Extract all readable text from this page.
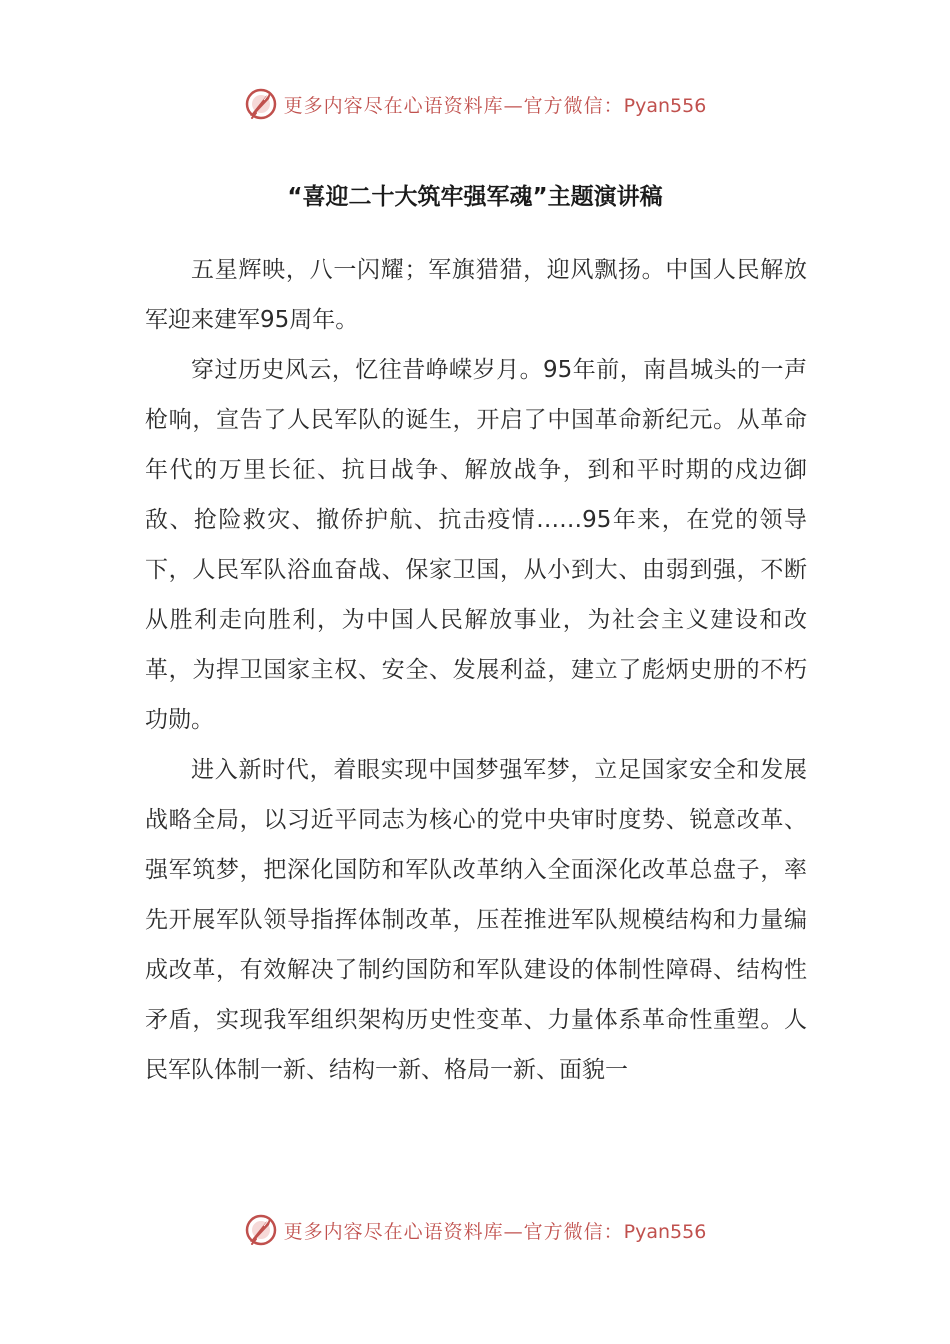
更多内容尽在心语资料库—官方微信：Pyan556
“喜迎二十大筑牢强军魂”主题演讲稿

五星辉映，八一闪耀；军旗猎猎，迎风飘扬。中国人民解放军迎来建军95周年。

穿过历史风云，忆往昔峥嵘岁月。95年前，南昌城头的一声枪响，宣告了人民军队的诞生，开启了中国革命新纪元。从革命年代的万里长征、抗日战争、解放战争，到和平时期的戍边御敌、抢险救灾、撤侨护航、抗击疫情……95年来，在党的领导下，人民军队浴血奋战、保家卫国，从小到大、由弱到强，不断从胜利走向胜利，为中国人民解放事业，为社会主义建设和改革，为捍卫国家主权、安全、发展利益，建立了彪炳史册的不朽功勋。

进入新时代，着眼实现中国梦强军梦，立足国家安全和发展战略全局，以习近平同志为核心的党中央审时度势、锐意改革、强军筑梦，把深化国防和军队改革纳入全面深化改革总盘子，率先开展军队领导指挥体制改革，压茬推进军队规模结构和力量编成改革，有效解决了制约国防和军队建设的体制性障碍、结构性矛盾，实现我军组织架构历史性变革、力量体系革命性重塑。人民军队体制一新、结构一新、格局一新、面貌一

更多内容尽在心语资料库—官方微信：Pyan556
